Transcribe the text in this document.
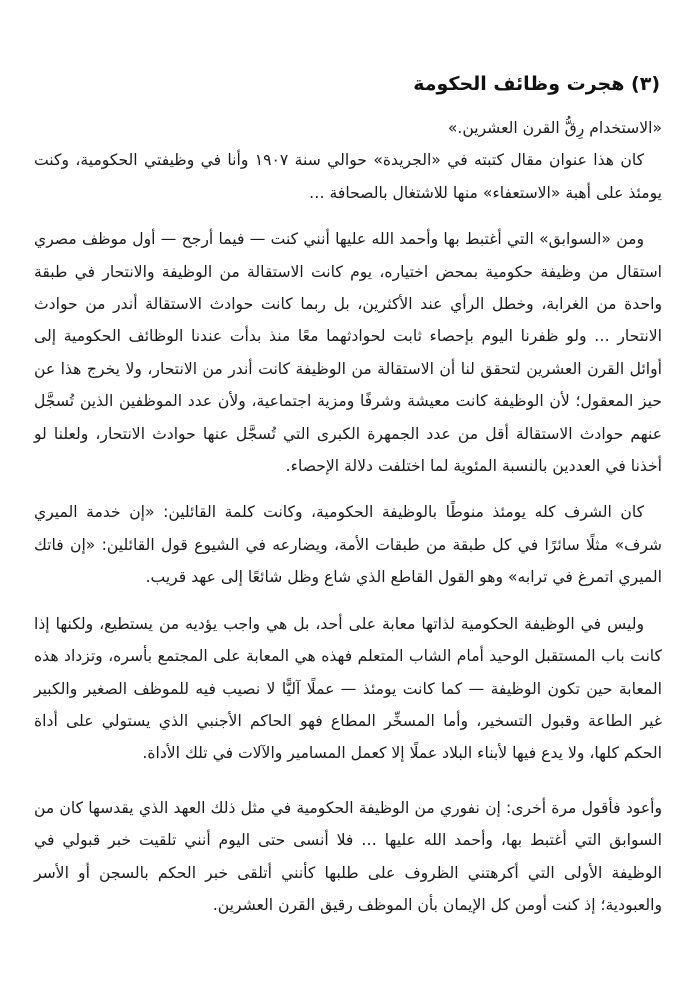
(٣) هجرت وظائف الحكومة

«الاستخدام رِقُّ القرن العشرين.»

كان هذا عنوان مقال كتبته في «الجريدة» حوالي سنة ١٩٠٧ وأنا في وظيفتي الحكومية، وكنت يومئذ على أهبة «الاستعفاء» منها للاشتغال بالصحافة …

ومن «السوابق» التي أغتبط بها وأحمد الله عليها أنني كنت — فيما أرجح — أول موظف مصري استقال من وظيفة حكومية بمحض اختياره، يوم كانت الاستقالة من الوظيفة والانتحار في طبقة واحدة من الغرابة، وخطل الرأي عند الأكثرين، بل ربما كانت حوادث الاستقالة أندر من حوادث الانتحار … ولو ظفرنا اليوم بإحصاء ثابت لحوادثهما معًا منذ بدأت عندنا الوظائف الحكومية إلى أوائل القرن العشرين لتحقق لنا أن الاستقالة من الوظيفة كانت أندر من الانتحار، ولا يخرج هذا عن حيز المعقول؛ لأن الوظيفة كانت معيشة وشرفًا ومزية اجتماعية، ولأن عدد الموظفين الذين تُسجَّل عنهم حوادث الاستقالة أقل من عدد الجمهرة الكبرى التي تُسجَّل عنها حوادث الانتحار، ولعلنا لو أخذنا في العددين بالنسبة المئوية لما اختلفت دلالة الإحصاء.

كان الشرف كله يومئذ منوطًا بالوظيفة الحكومية، وكانت كلمة القائلين: «إن خدمة الميري شرف» مثلًا سائرًا في كل طبقة من طبقات الأمة، ويضارعه في الشيوع قول القائلين: «إن فاتك الميري اتمرغ في ترابه» وهو القول القاطع الذي شاع وظل شائعًا إلى عهد قريب.

وليس في الوظيفة الحكومية لذاتها معابة على أحد، بل هي واجب يؤديه من يستطيع، ولكنها إذا كانت باب المستقبل الوحيد أمام الشاب المتعلم فهذه هي المعابة على المجتمع بأسره، وتزداد هذه المعابة حين تكون الوظيفة — كما كانت يومئذ — عملًا آليًّا لا نصيب فيه للموظف الصغير والكبير غير الطاعة وقبول التسخير، وأما المسخِّر المطاع فهو الحاكم الأجنبي الذي يستولي على أداة الحكم كلها، ولا يدع فيها لأبناء البلاد عملًا إلا كعمل المسامير والآلات في تلك الأداة.

وأعود فأقول مرة أخرى: إن نفوري من الوظيفة الحكومية في مثل ذلك العهد الذي يقدسها كان من السوابق التي أغتبط بها، وأحمد الله عليها … فلا أنسى حتى اليوم أنني تلقيت خبر قبولي في الوظيفة الأولى التي أكرهتني الظروف على طلبها كأنني أتلقى خبر الحكم بالسجن أو الأسر والعبودية؛ إذ كنت أومن كل الإيمان بأن الموظف رقيق القرن العشرين.
